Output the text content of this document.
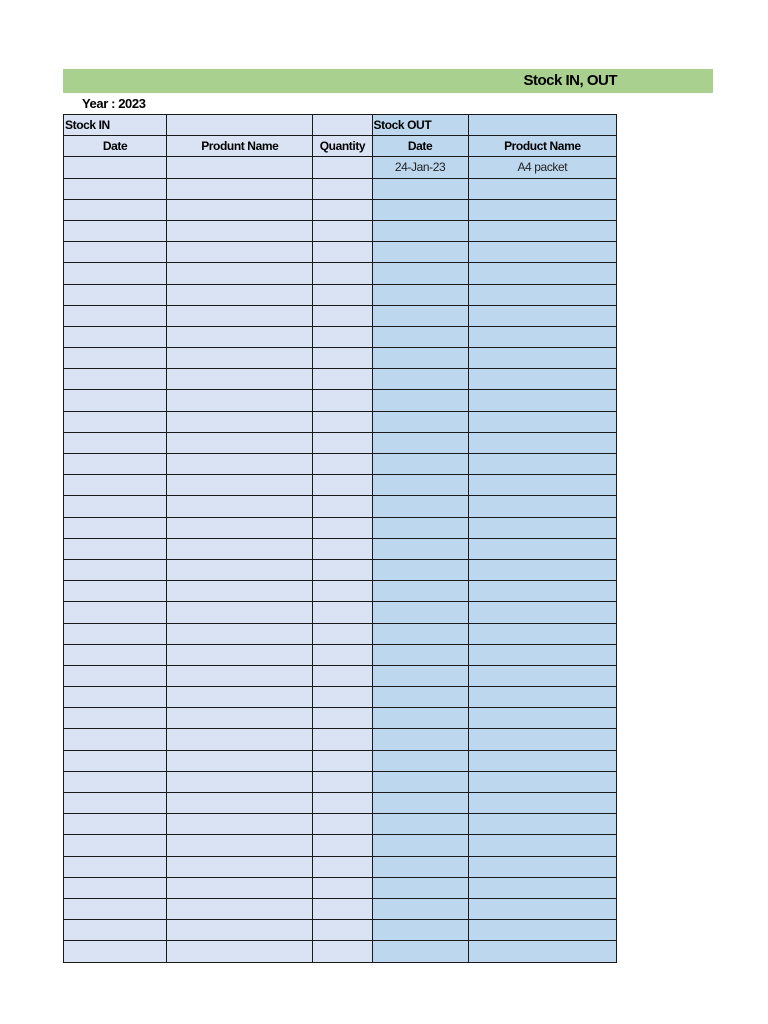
Stock IN, OUT
Year : 2023
Stock IN			Stock OUT	
Date	Produnt Name	Quantity	Date	Product Name
			24-Jan-23	A4 packet
